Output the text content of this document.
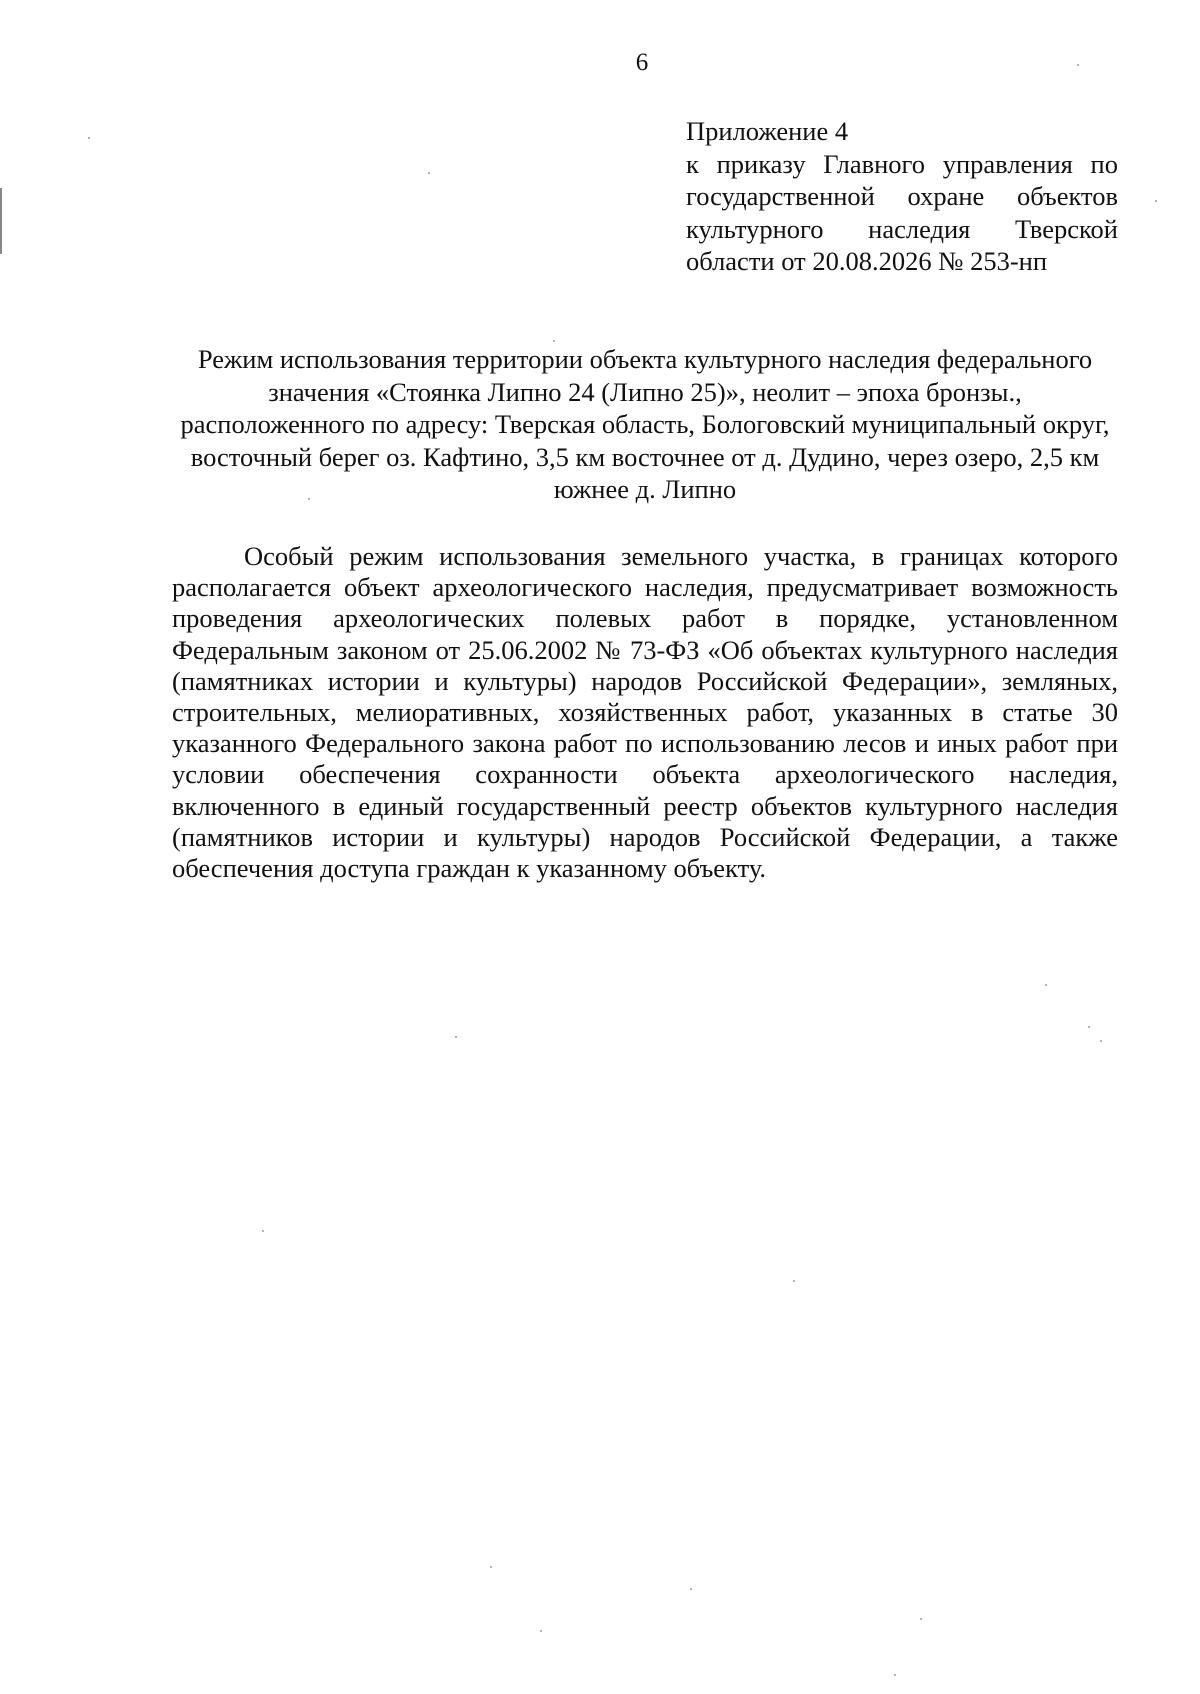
6
Приложение 4
к приказу Главного управления по государственной охране объектов культурного наследия Тверской области от 20.08.2026 № 253-нп
Режим использования территории объекта культурного наследия федерального значения «Стоянка Липно 24 (Липно 25)», неолит – эпоха бронзы., расположенного по адресу: Тверская область, Бологовский муниципальный округ, восточный берег оз. Кафтино, 3,5 км восточнее от д. Дудино, через озеро, 2,5 км южнее д. Липно

Особый режим использования земельного участка, в границах которого располагается объект археологического наследия, предусматривает возможность проведения археологических полевых работ в порядке, установленном Федеральным законом от 25.06.2002 № 73-ФЗ «Об объектах культурного наследия (памятниках истории и культуры) народов Российской Федерации», земляных, строительных, мелиоративных, хозяйственных работ, указанных в статье 30 указанного Федерального закона работ по использованию лесов и иных работ при условии обеспечения сохранности объекта археологического наследия, включенного в единый государственный реестр объектов культурного наследия (памятников истории и культуры) народов Российской Федерации, а также обеспечения доступа граждан к указанному объекту.
